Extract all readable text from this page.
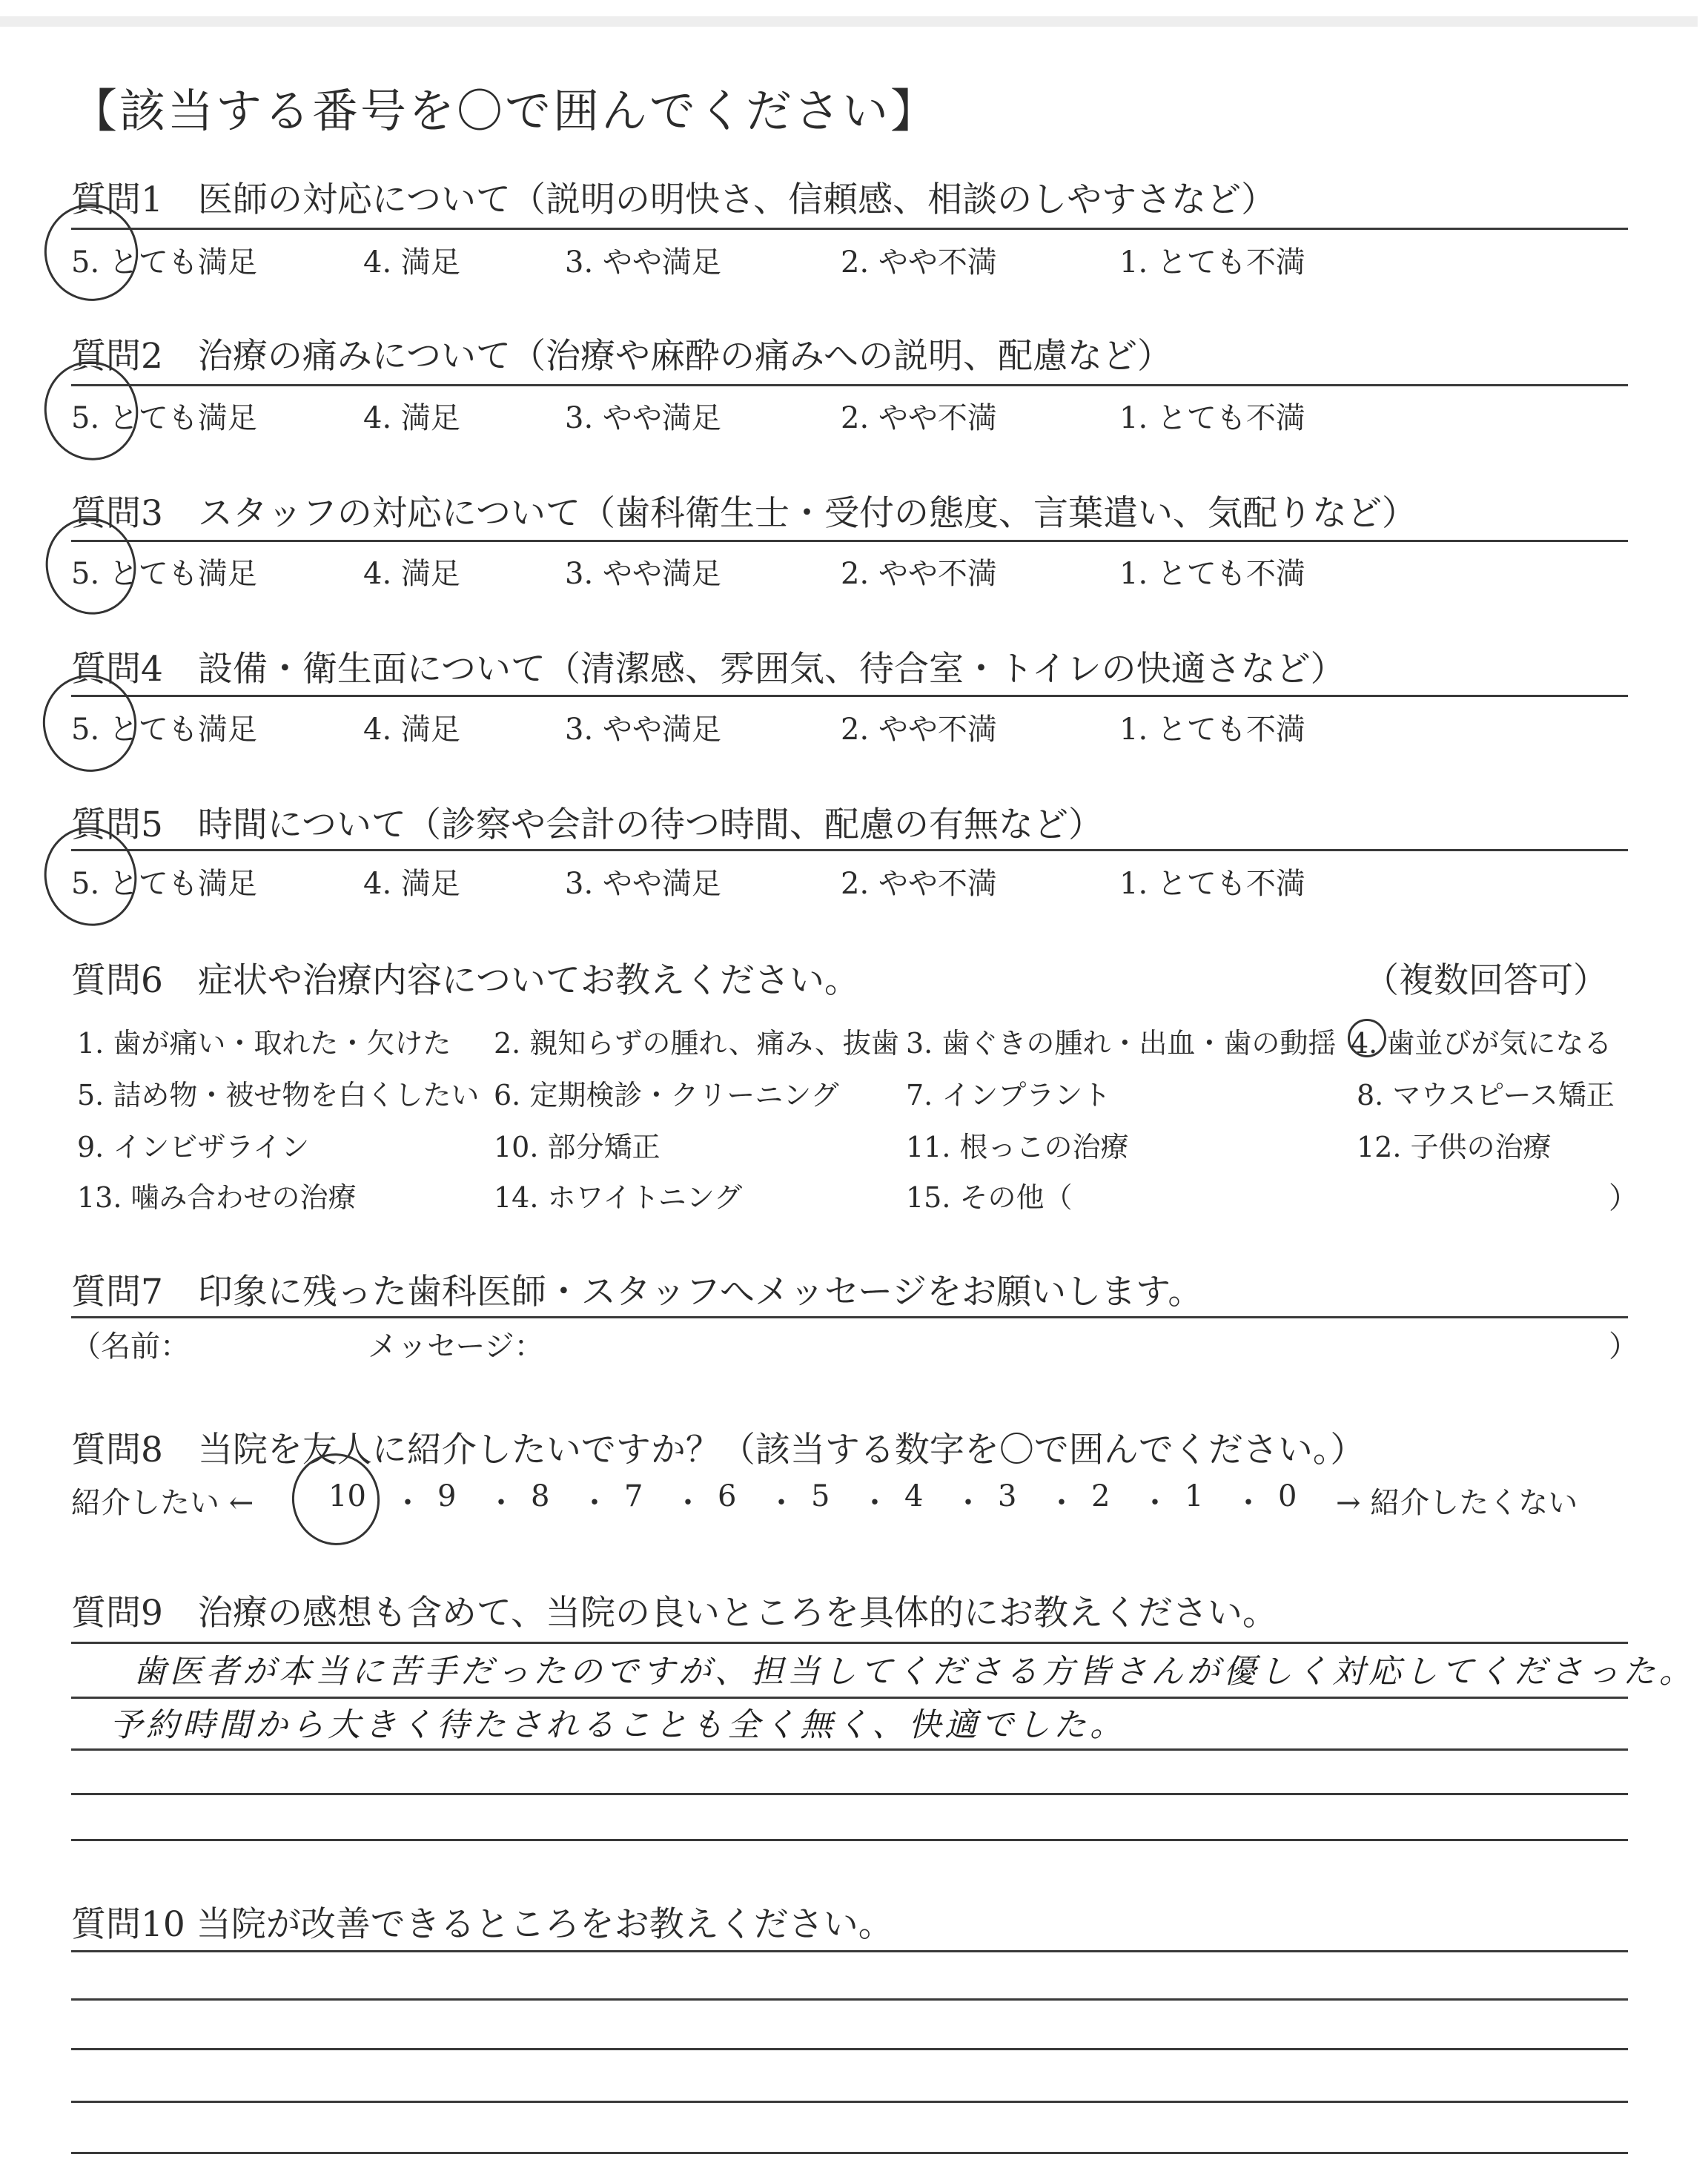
【該当する番号を〇で囲んでください】
質問1　医師の対応について（説明の明快さ、信頼感、相談のしやすさなど）
5. とても満足	4. 満足	3. やや満足	2. やや不満	1. とても不満
質問2　治療の痛みについて（治療や麻酔の痛みへの説明、配慮など）
5. とても満足	4. 満足	3. やや満足	2. やや不満	1. とても不満
質問3　スタッフの対応について（歯科衛生士・受付の態度、言葉遣い、気配りなど）
5. とても満足	4. 満足	3. やや満足	2. やや不満	1. とても不満
質問4　設備・衛生面について（清潔感、雰囲気、待合室・トイレの快適さなど）
5. とても満足	4. 満足	3. やや満足	2. やや不満	1. とても不満
質問5　時間について（診察や会計の待つ時間、配慮の有無など）
5. とても満足	4. 満足	3. やや満足	2. やや不満	1. とても不満
質問6　症状や治療内容についてお教えください。	（複数回答可）
1. 歯が痛い・取れた・欠けた 2. 親知らずの腫れ、痛み、抜歯 3. 歯ぐきの腫れ・出血・歯の動揺 4. 歯並びが気になる
5. 詰め物・被せ物を白くしたい 6. 定期検診・クリーニング 7. インプラント	8. マウスピース矯正
9. インビザライン	10. 部分矯正	11. 根っこの治療	12. 子供の治療
13. 噛み合わせの治療	14. ホワイトニング	15. その他（	）
質問7　印象に残った歯科医師・スタッフへメッセージをお願いします。
（名前：	メッセージ：	）
質問8　当院を友人に紹介したいですか？（該当する数字を〇で囲んでください。）
紹介したい ←	10 ・ 9 ・ 8 ・ 7 ・ 6 ・ 5 ・ 4 ・ 3 ・ 2 ・ 1 ・ 0 → 紹介したくない
質問9　治療の感想も含めて、当院の良いところを具体的にお教えください。
歯医者が本当に苦手だったのですが、担当してくださる方皆さんが優しく対応してくださった。
予約時間から大きく待たされることも全く無く、快適でした。
質問10 当院が改善できるところをお教えください。
